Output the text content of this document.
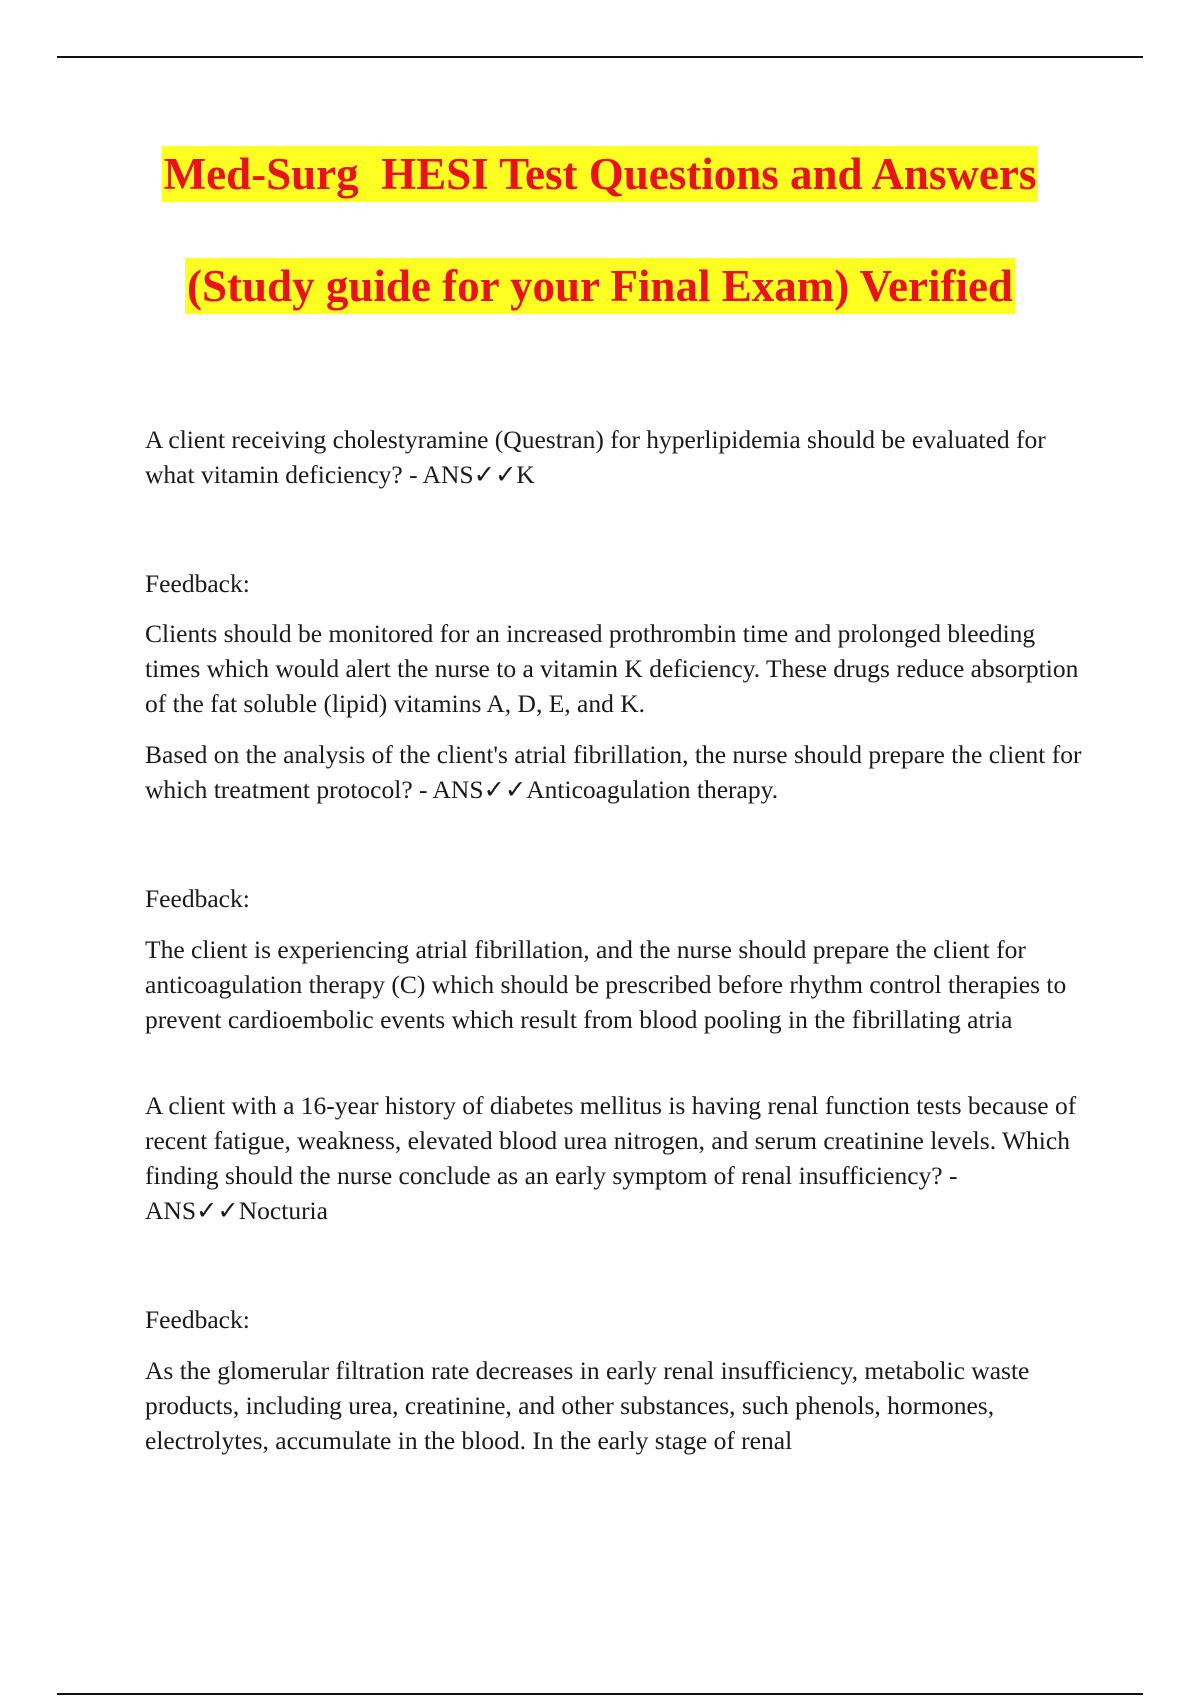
Med-Surg  HESI Test Questions and Answers
(Study guide for your Final Exam) Verified

A client receiving cholestyramine (Questran) for hyperlipidemia should be evaluated for what vitamin deficiency? - ANS✓✓K

Feedback:

Clients should be monitored for an increased prothrombin time and prolonged bleeding times which would alert the nurse to a vitamin K deficiency. These drugs reduce absorption of the fat soluble (lipid) vitamins A, D, E, and K.

Based on the analysis of the client's atrial fibrillation, the nurse should prepare the client for which treatment protocol? - ANS✓✓Anticoagulation therapy.

Feedback:

The client is experiencing atrial fibrillation, and the nurse should prepare the client for anticoagulation therapy (C) which should be prescribed before rhythm control therapies to prevent cardioembolic events which result from blood pooling in the fibrillating atria

A client with a 16-year history of diabetes mellitus is having renal function tests because of recent fatigue, weakness, elevated blood urea nitrogen, and serum creatinine levels. Which finding should the nurse conclude as an early symptom of renal insufficiency? - ANS✓✓Nocturia

Feedback:

As the glomerular filtration rate decreases in early renal insufficiency, metabolic waste products, including urea, creatinine, and other substances, such phenols, hormones, electrolytes, accumulate in the blood. In the early stage of renal
